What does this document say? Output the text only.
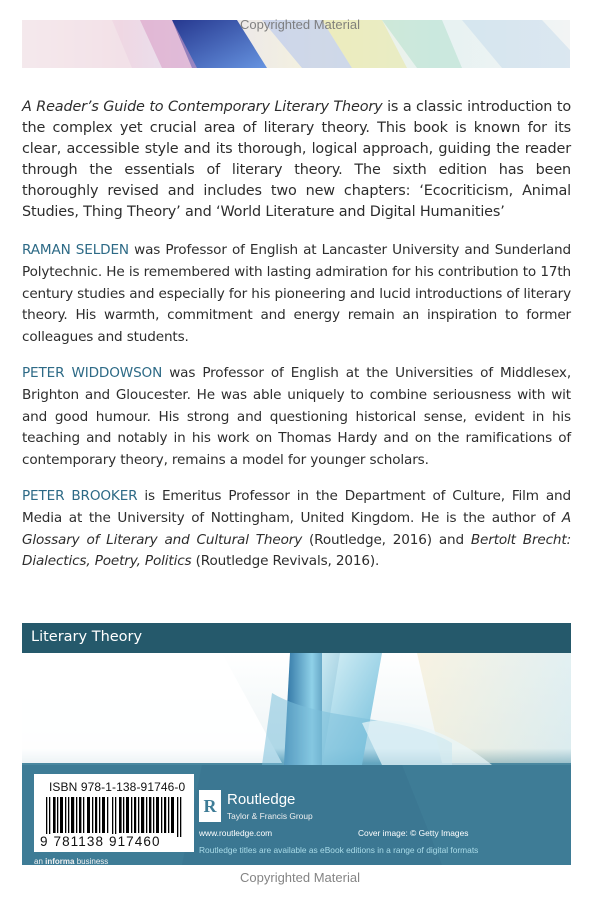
Copyrighted Material

A Reader’s Guide to Contemporary Literary Theory is a classic introduction to the complex yet crucial area of literary theory. This book is known for its clear, accessible style and its thorough, logical approach, guiding the reader through the essentials of literary theory. The sixth edition has been thoroughly revised and includes two new chapters: ‘Ecocriticism, Animal Studies, Thing Theory’ and ‘World Literature and Digital Humanities’

RAMAN SELDEN was Professor of English at Lancaster University and Sunderland Polytechnic. He is remembered with lasting admiration for his contribution to 17th century studies and especially for his pioneering and lucid introductions of literary theory. His warmth, commitment and energy remain an inspiration to former colleagues and students.

PETER WIDDOWSON was Professor of English at the Universities of Middlesex, Brighton and Gloucester. He was able uniquely to combine seriousness with wit and good humour. His strong and questioning historical sense, evident in his teaching and notably in his work on Thomas Hardy and on the ramifications of contemporary theory, remains a model for younger scholars.

PETER BROOKER is Emeritus Professor in the Department of Culture, Film and Media at the University of Nottingham, United Kingdom. He is the author of A Glossary of Literary and Cultural Theory (Routledge, 2016) and Bertolt Brecht: Dialectics, Poetry, Politics (Routledge Revivals, 2016).

Literary Theory
ISBN 978-1-138-91746-0
9 781138 917460
an informa business
R Routledge
Taylor & Francis Group
www.routledge.com	Cover image: © Getty Images
Routledge titles are available as eBook editions in a range of digital formats
Copyrighted Material
